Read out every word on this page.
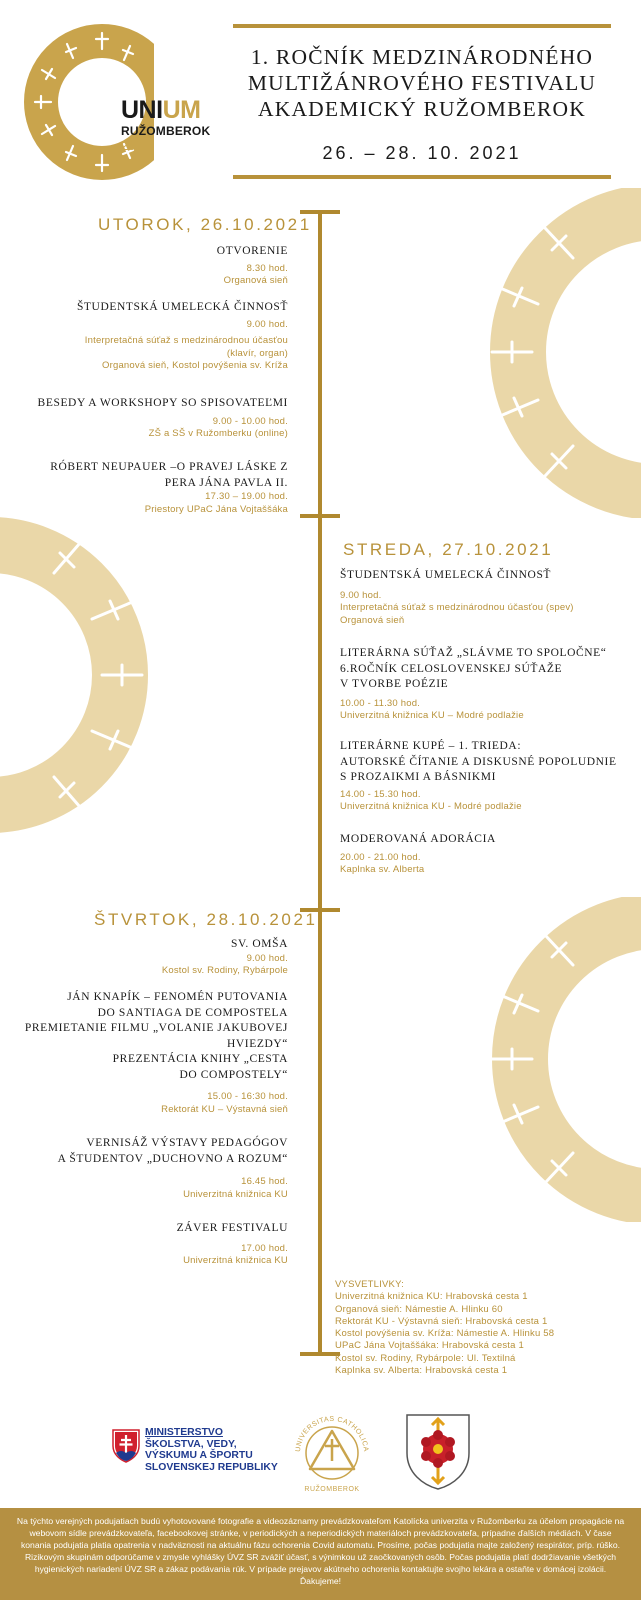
1. ROČNÍK MEDZINÁRODNÉHO
MULTIŽÁNROVÉHO FESTIVALU
AKADEMICKÝ RUŽOMBEROK
26. – 28. 10. 2021
UNIUM
RUŽOMBEROK
2021
UTOROK, 26.10.2021
OTVORENIE
8.30 hod.
Organová sieň
ŠTUDENTSKÁ UMELECKÁ ČINNOSŤ
9.00 hod.
Interpretačná súťaž s medzinárodnou účasťou
(klavír, organ)
Organová sieň, Kostol povýšenia sv. Kríža
BESEDY A WORKSHOPY SO SPISOVATEĽMI
9.00 - 10.00 hod.
ZŠ a SŠ v Ružomberku (online)
RÓBERT NEUPAUER –O PRAVEJ LÁSKE Z
PERA JÁNA PAVLA II.
17.30 – 19.00 hod.
Priestory UPaC Jána Vojtaššáka
STREDA, 27.10.2021
ŠTUDENTSKÁ UMELECKÁ ČINNOSŤ
9.00 hod.
Interpretačná súťaž s medzinárodnou účasťou (spev)
Organová sieň
LITERÁRNA SÚŤAŽ „SLÁVME TO SPOLOČNE“
6.ROČNÍK CELOSLOVENSKEJ SÚŤAŽE
V TVORBE POÉZIE
10.00 - 11.30 hod.
Univerzitná knižnica KU – Modré podlažie
LITERÁRNE KUPÉ – 1. TRIEDA:
AUTORSKÉ ČÍTANIE A DISKUSNÉ POPOLUDNIE
S PROZAIKMI A BÁSNIKMI
14.00 - 15.30 hod.
Univerzitná knižnica KU - Modré podlažie
MODEROVANÁ ADORÁCIA
20.00 - 21.00 hod.
Kaplnka sv. Alberta
ŠTVRTOK, 28.10.2021
SV. OMŠA
9.00 hod.
Kostol sv. Rodiny, Rybárpole
JÁN KNAPÍK – FENOMÉN PUTOVANIA
DO SANTIAGA DE COMPOSTELA
PREMIETANIE FILMU „VOLANIE JAKUBOVEJ
HVIEZDY“
PREZENTÁCIA KNIHY „CESTA
DO COMPOSTELY“
15.00 - 16:30 hod.
Rektorát KU – Výstavná sieň
VERNISÁŽ VÝSTAVY PEDAGÓGOV
A ŠTUDENTOV „DUCHOVNO A ROZUM“
16.45 hod.
Univerzitná knižnica KU
ZÁVER FESTIVALU
17.00 hod.
Univerzitná knižnica KU
VYSVETLIVKY:
Univerzitná knižnica KU: Hrabovská cesta 1
Organová sieň: Námestie A. Hlinku 60
Rektorát KU - Výstavná sieň: Hrabovská cesta 1
Kostol povýšenia sv. Kríža: Námestie A. Hlinku 58
UPaC Jána Vojtaššáka: Hrabovská cesta 1
Kostol sv. Rodiny, Rybárpole: Ul. Textilná
Kaplnka sv. Alberta: Hrabovská cesta 1
MINISTERSTVO
ŠKOLSTVA, VEDY,
VÝSKUMU A ŠPORTU
SLOVENSKEJ REPUBLIKY
UNIVERSITAS CATHOLICA
RUŽOMBEROK
Na týchto verejných podujatiach budú vyhotovované fotografie a videozáznamy prevádzkovateľom Katolícka univerzita v Ružomberku za účelom propagácie na webovom sídle prevádzkovateľa, facebookovej stránke, v periodických a neperiodických materiáloch prevádzkovateľa, prípadne ďalších médiách. V čase konania podujatia platia opatrenia v nadväznosti na aktuálnu fázu ochorenia Covid automatu. Prosíme, počas podujatia majte založený respirátor, príp. rúško. Rizikovým skupinám odporúčame v zmysle vyhlášky ÚVZ SR zvážiť účasť, s výnimkou už zaočkovaných osôb. Počas podujatia platí dodržiavanie všetkých hygienických nariadení ÚVZ SR a zákaz podávania rúk. V prípade prejavov akútneho ochorenia kontaktujte svojho lekára a ostaňte v domácej izolácii. Ďakujeme!
